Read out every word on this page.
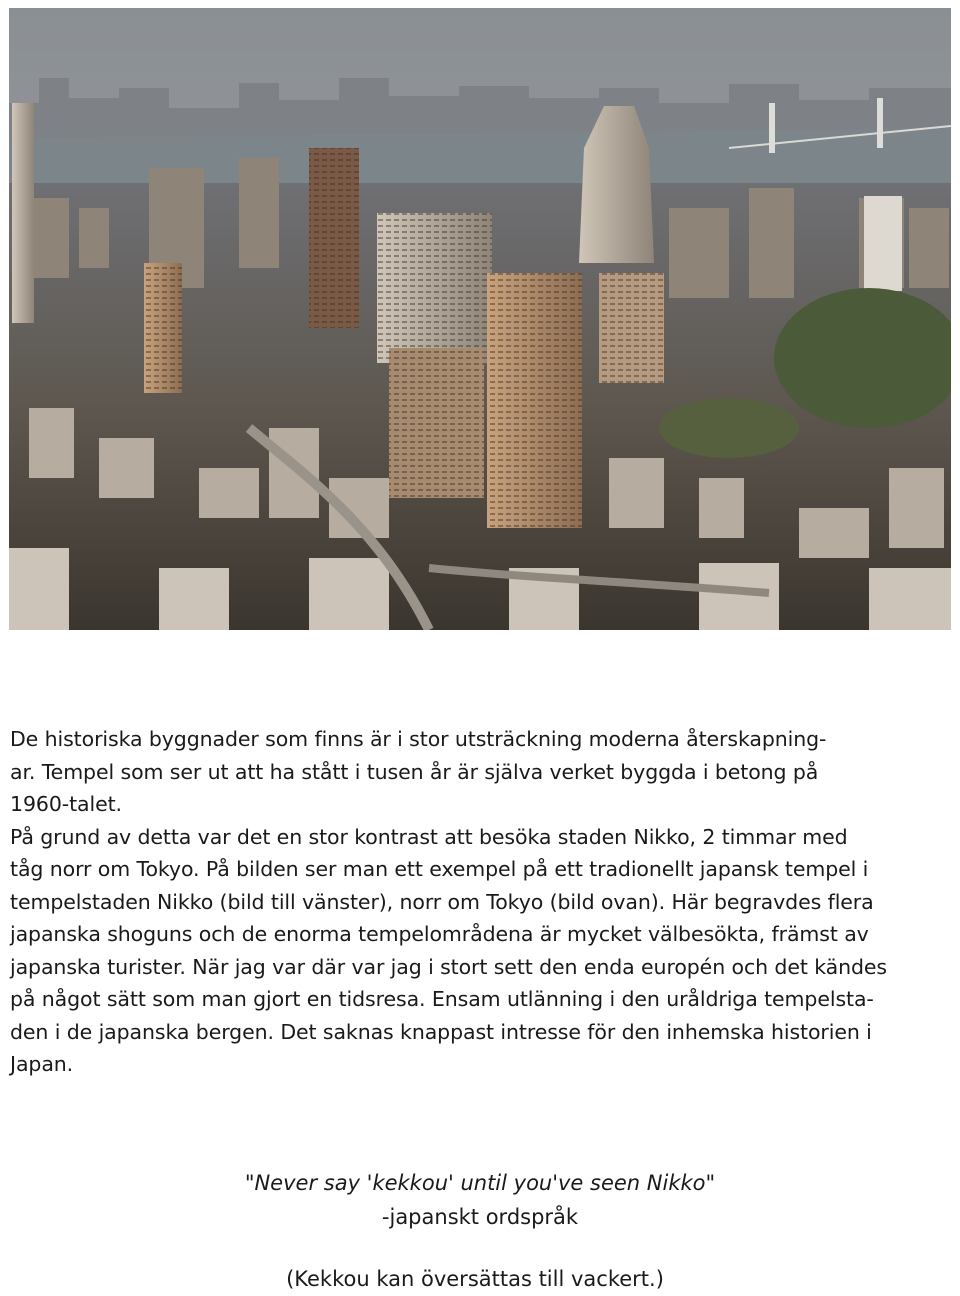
De historiska byggnader som finns är i stor utsträckning moderna återskapning-

ar. Tempel som ser ut att ha stått i tusen år är själva verket byggda i betong på

1960-talet.

På grund av detta var det en stor kontrast att besöka staden Nikko, 2 timmar med

tåg norr om Tokyo. På bilden ser man ett exempel på ett tradionellt japansk tempel i

tempelstaden Nikko (bild till vänster), norr om Tokyo (bild ovan). Här begravdes flera

japanska shoguns och de enorma tempelområdena är mycket välbesökta, främst av

japanska turister. När jag var där var jag i stort sett den enda europén och det kändes

på något sätt som man gjort en tidsresa. Ensam utlänning i den uråldriga tempelsta-

den i de japanska bergen. Det saknas knappast intresse för den inhemska historien i

Japan.

"Never say 'kekkou' until you've seen Nikko"
-japanskt ordspråk
(Kekkou kan översättas till vackert.)
